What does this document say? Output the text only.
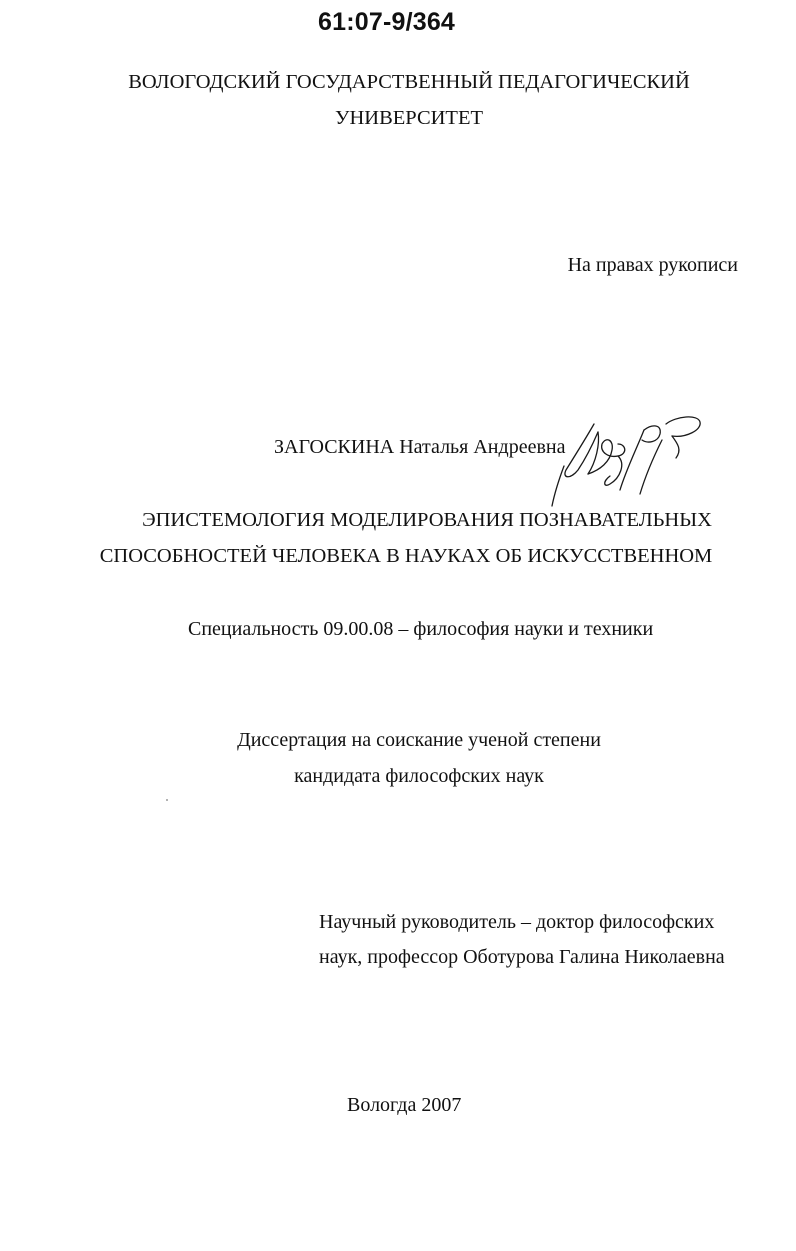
61:07-9/364
ВОЛОГОДСКИЙ ГОСУДАРСТВЕННЫЙ ПЕДАГОГИЧЕСКИЙ
УНИВЕРСИТЕТ
На правах рукописи
ЗАГОСКИНА Наталья Андреевна
ЭПИСТЕМОЛОГИЯ МОДЕЛИРОВАНИЯ ПОЗНАВАТЕЛЬНЫХ
СПОСОБНОСТЕЙ ЧЕЛОВЕКА В НАУКАХ ОБ ИСКУССТВЕННОМ
Специальность 09.00.08 – философия науки и техники
Диссертация на соискание ученой степени
кандидата философских наук
Научный руководитель – доктор философских
наук, профессор Оботурова Галина Николаевна
Вологда 2007
